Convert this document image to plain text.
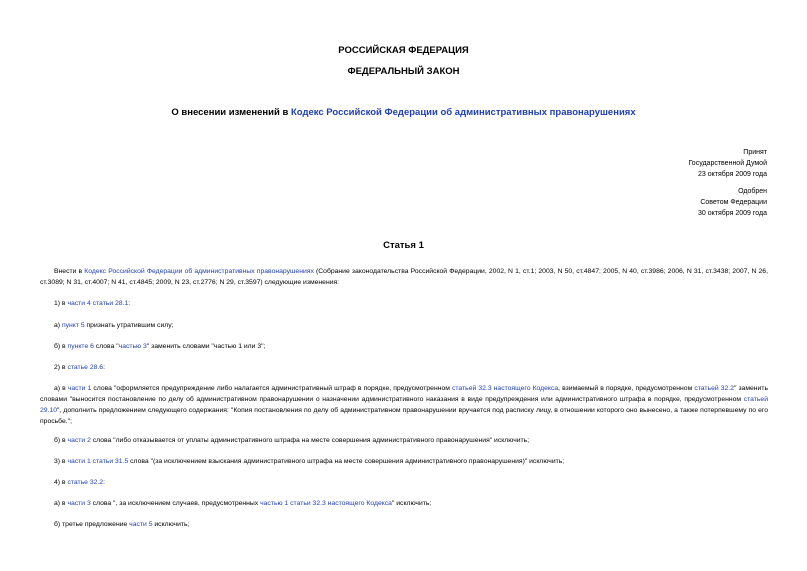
РОССИЙСКАЯ ФЕДЕРАЦИЯ
ФЕДЕРАЛЬНЫЙ ЗАКОН
О внесении изменений в Кодекс Российской Федерации об административных правонарушениях
Принят
Государственной Думой
23 октября 2009 года
Одобрен
Советом Федерации
30 октября 2009 года
Статья 1
Внести в Кодекс Российской Федерации об административных правонарушениях (Собрание законодательства Российской Федерации, 2002, N 1, ст.1; 2003, N 50, ст.4847; 2005, N 40, ст.3986; 2006, N 31, ст.3438; 2007, N 26, ст.3089; N 31, ст.4007; N 41, ст.4845; 2009, N 23, ст.2776; N 29, ст.3597) следующие изменения:
1) в части 4 статьи 28.1:
а) пункт 5 признать утратившим силу;
б) в пункте 6 слова "частью 3" заменить словами "частью 1 или 3";
2) в статье 28.6:
а) в части 1 слова "оформляется предупреждение либо налагается административный штраф в порядке, предусмотренном статьей 32.3 настоящего Кодекса, взимаемый в порядке, предусмотренном статьей 32.2" заменить словами "выносится постановление по делу об административном правонарушении о назначении административного наказания в виде предупреждения или административного штрафа в порядке, предусмотренном статьей 29.10", дополнить предложением следующего содержания: "Копия постановления по делу об административном правонарушении вручается под расписку лицу, в отношении которого оно вынесено, а также потерпевшему по его просьбе.";
б) в части 2 слова "либо отказывается от уплаты административного штрафа на месте совершения административного правонарушения" исключить;
3) в части 1 статьи 31.5 слова "(за исключением взыскания административного штрафа на месте совершения административного правонарушения)" исключить;
4) в статье 32.2:
а) в части 3 слова ", за исключением случаев, предусмотренных частью 1 статьи 32.3 настоящего Кодекса" исключить;
б) третье предложение части 5 исключить;
